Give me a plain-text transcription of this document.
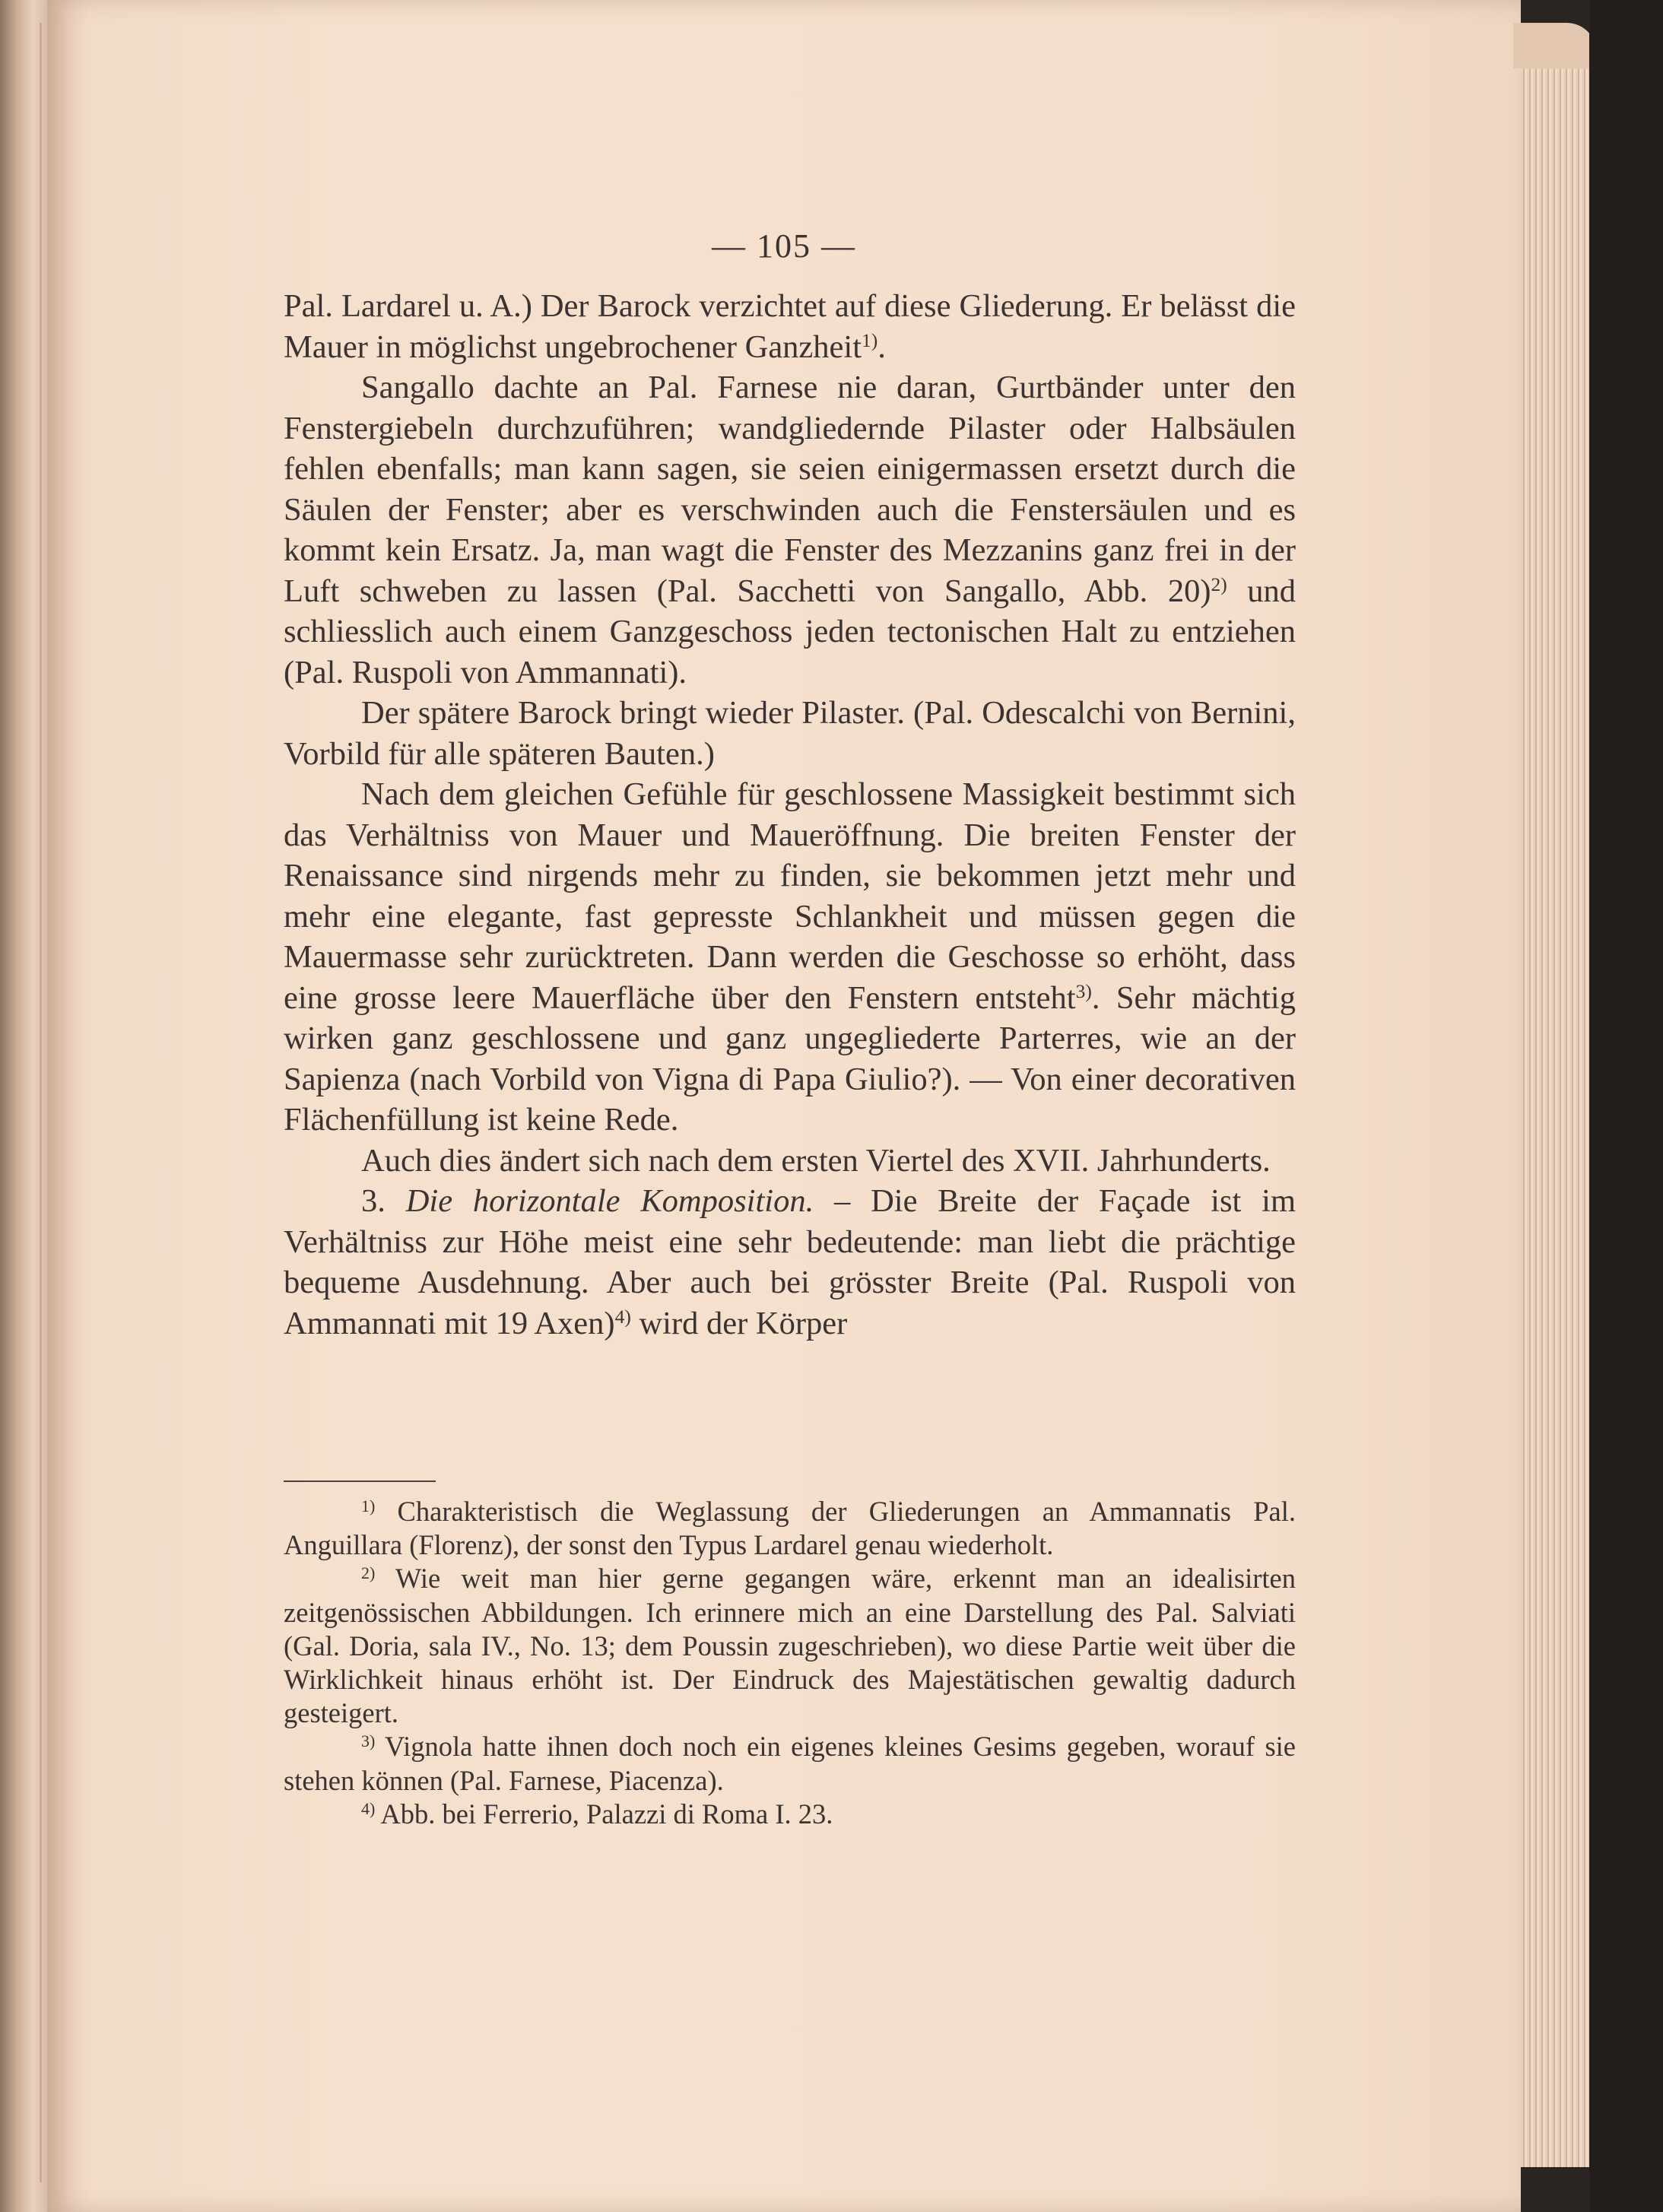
— 105 —

Pal. Lardarel u. A.) Der Barock verzichtet auf diese Gliederung. Er belässt die Mauer in möglichst ungebrochener Ganzheit$^{1)}$.

Sangallo dachte an Pal. Farnese nie daran, Gurtbänder unter den Fenstergiebeln durchzuführen; wandgliedernde Pilaster oder Halbsäulen fehlen ebenfalls; man kann sagen, sie seien einigermassen ersetzt durch die Säulen der Fenster; aber es verschwinden auch die Fenstersäulen und es kommt kein Ersatz. Ja, man wagt die Fenster des Mezzanins ganz frei in der Luft schweben zu lassen (Pal. Sacchetti von Sangallo, Abb. 20)$^{2)}$ und schliesslich auch einem Ganzgeschoss jeden tectonischen Halt zu entziehen (Pal. Ruspoli von Ammannati).

Der spätere Barock bringt wieder Pilaster. (Pal. Odescalchi von Bernini, Vorbild für alle späteren Bauten.)

Nach dem gleichen Gefühle für geschlossene Massigkeit bestimmt sich das Verhältniss von Mauer und Maueröffnung. Die breiten Fenster der Renaissance sind nirgends mehr zu finden, sie bekommen jetzt mehr und mehr eine elegante, fast gepresste Schlankheit und müssen gegen die Mauermasse sehr zurücktreten. Dann werden die Geschosse so erhöht, dass eine grosse leere Mauerfläche über den Fenstern entsteht$^{3)}$. Sehr mächtig wirken ganz geschlossene und ganz ungegliederte Parterres, wie an der Sapienza (nach Vorbild von Vigna di Papa Giulio?). — Von einer decorativen Flächenfüllung ist keine Rede.

Auch dies ändert sich nach dem ersten Viertel des XVII. Jahrhunderts.

3. Die horizontale Komposition. – Die Breite der Façade ist im Verhältniss zur Höhe meist eine sehr bedeutende: man liebt die prächtige bequeme Ausdehnung. Aber auch bei grösster Breite (Pal. Ruspoli von Ammannati mit 19 Axen)$^{4)}$ wird der Körper

$^{1)}$ Charakteristisch die Weglassung der Gliederungen an Ammannatis Pal. Anguillara (Florenz), der sonst den Typus Lardarel genau wiederholt.

$^{2)}$ Wie weit man hier gerne gegangen wäre, erkennt man an idealisirten zeitgenössischen Abbildungen. Ich erinnere mich an eine Darstellung des Pal. Salviati (Gal. Doria, sala IV., No. 13; dem Poussin zugeschrieben), wo diese Partie weit über die Wirklichkeit hinaus erhöht ist. Der Eindruck des Majestätischen gewaltig dadurch gesteigert.

$^{3)}$ Vignola hatte ihnen doch noch ein eigenes kleines Gesims gegeben, worauf sie stehen können (Pal. Farnese, Piacenza).

$^{4)}$ Abb. bei Ferrerio, Palazzi di Roma I. 23.
